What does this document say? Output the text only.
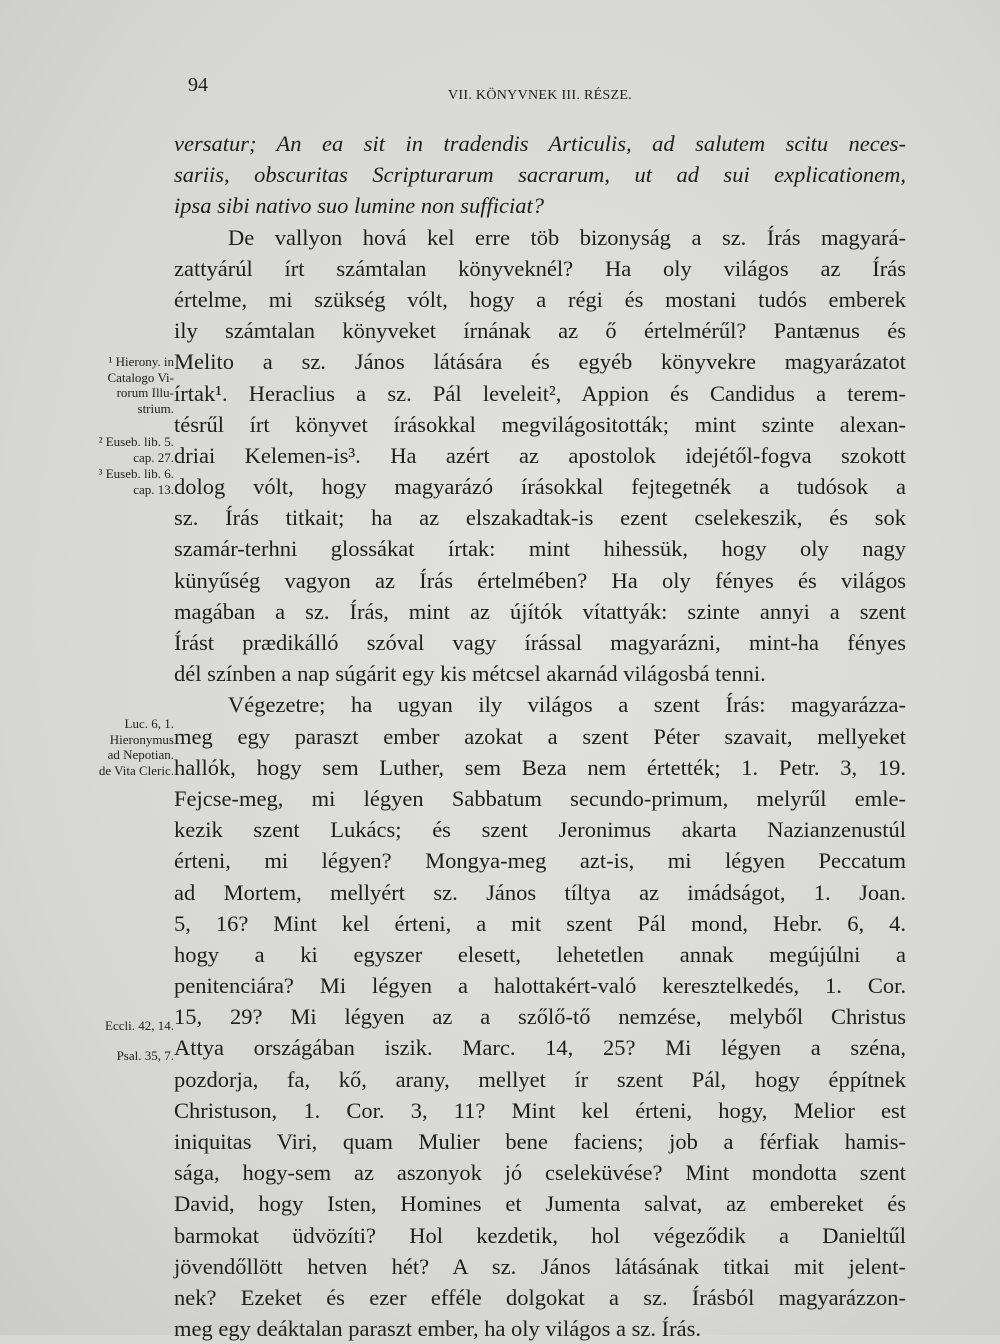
94	VII. KÖNYVNEK III. RÉSZE.
versatur; An ea sit in tradendis Articulis, ad salutem scitu neces-
sariis, obscuritas Scripturarum sacrarum, ut ad sui explicationem,
ipsa sibi nativo suo lumine non sufficiat?
De vallyon hová kel erre töb bizonyság a sz. Írás magyará-
zattyárúl írt számtalan könyveknél? Ha oly világos az Írás
értelme, mi szükség vólt, hogy a régi és mostani tudós emberek
ily számtalan könyveket írnának az ő értelmérűl? Pantænus és
Melito a sz. János látására és egyéb könyvekre magyarázatot
írtak¹. Heraclius a sz. Pál leveleit², Appion és Candidus a terem-
tésrűl írt könyvet írásokkal megvilágositották; mint szinte alexan-
driai Kelemen-is³. Ha azért az apostolok idejétől-fogva szokott
dolog vólt, hogy magyarázó írásokkal fejtegetnék a tudósok a
sz. Írás titkait; ha az elszakadtak-is ezent cselekeszik, és sok
szamár-terhni glossákat írtak: mint hihessük, hogy oly nagy
künyűség vagyon az Írás értelmében? Ha oly fényes és világos
magában a sz. Írás, mint az újítók vítattyák: szinte annyi a szent
Írást prædikálló szóval vagy írással magyarázni, mint-ha fényes
dél színben a nap súgárit egy kis métcsel akarnád világosbá tenni.
Végezetre; ha ugyan ily világos a szent Írás: magyarázza-
meg egy paraszt ember azokat a szent Péter szavait, mellyeket
hallók, hogy sem Luther, sem Beza nem értették; 1. Petr. 3, 19.
Fejcse-meg, mi légyen Sabbatum secundo-primum, melyrűl emle-
kezik szent Lukács; és szent Jeronimus akarta Nazianzenustúl
érteni, mi légyen? Mongya-meg azt-is, mi légyen Peccatum
ad Mortem, mellyért sz. János tíltya az imádságot, 1. Joan.
5, 16? Mint kel érteni, a mit szent Pál mond, Hebr. 6, 4.
hogy a ki egyszer elesett, lehetetlen annak megújúlni a
penitenciára? Mi légyen a halottakért-való keresztelkedés, 1. Cor.
15, 29? Mi légyen az a szőlő-tő nemzése, melyből Christus
Attya országában iszik. Marc. 14, 25? Mi légyen a széna,
pozdorja, fa, kő, arany, mellyet ír szent Pál, hogy éppítnek
Christuson, 1. Cor. 3, 11? Mint kel érteni, hogy, Melior est
iniquitas Viri, quam Mulier bene faciens; job a férfiak hamis-
sága, hogy-sem az aszonyok jó cseleküvése? Mint mondotta szent
David, hogy Isten, Homines et Jumenta salvat, az embereket és
barmokat üdvözíti? Hol kezdetik, hol végeződik a Danieltűl
jövendőllött hetven hét? A sz. János látásának titkai mit jelent-
nek? Ezeket és ezer efféle dolgokat a sz. Írásból magyarázzon-
meg egy deáktalan paraszt ember, ha oly világos a sz. Írás.
¹ Hierony. in
Catalogo Vi-
rorum Illu-
strium.
² Euseb. lib. 5.
cap. 27.
³ Euseb. lib. 6.
cap. 13.
Luc. 6, 1.
Hieronymus
ad Nepotian.
de Vita Cleric.
Eccli. 42, 14.
Psal. 35, 7.
